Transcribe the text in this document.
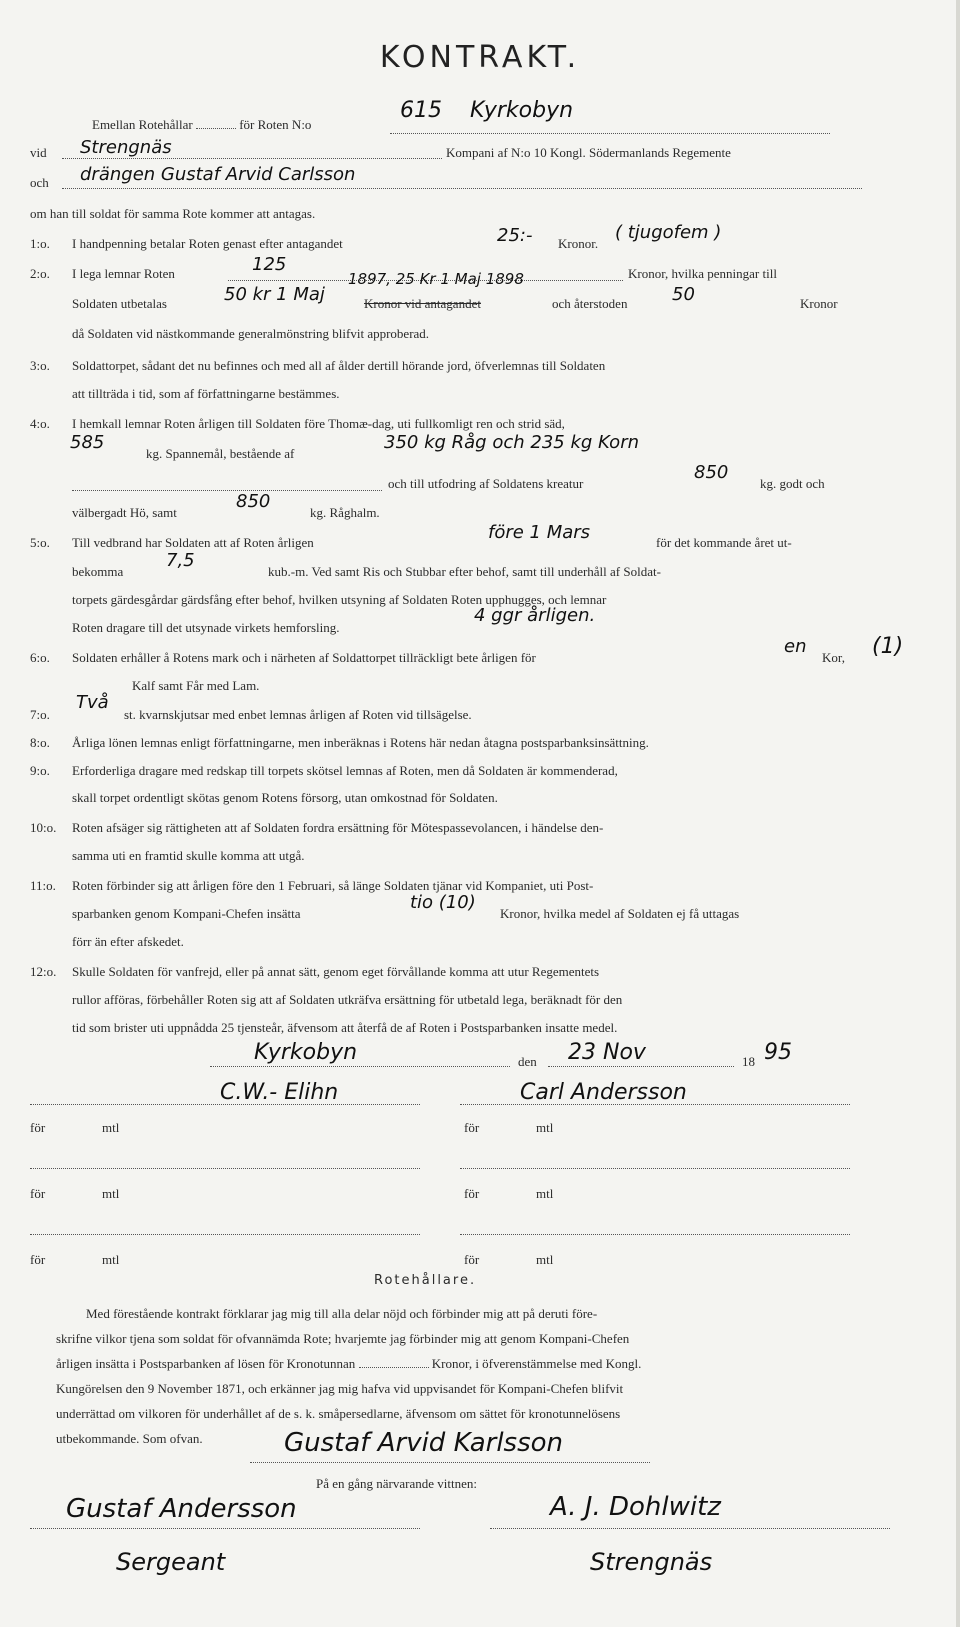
KONTRAKT.
Emellan Rotehållar	för Roten N:o
615 Kyrkobyn
vid Strengnäs	Kompani af N:o 10 Kongl. Södermanlands Regemente
och drängen Gustaf Arvid Carlsson
om han till soldat för samma Rote kommer att antagas.
1:o. I handpenning betalar Roten genast efter antagandet	25:- Kronor.
( tjugofem )
2:o. I lega lemnar Roten	125	Kronor, hvilka penningar till
Soldaten utbetalas	50 kr 1 Maj
1897, 25 Kr 1 Maj 1898
Kronor vid antagandet	och återstoden 50	Kronor
då Soldaten vid nästkommande generalmönstring blifvit approberad.
3:o. Soldattorpet, sådant det nu befinnes och med all af ålder dertill hörande jord, öfverlemnas till Soldaten
att tillträda i tid, som af författningarne bestämmes.
4:o. I hemkall lemnar Roten årligen till Soldaten före Thomæ-dag, uti fullkomligt ren och strid säd,
585
kg. Spannemål, bestående af
350 kg Råg och 235 kg Korn
och till utfodring af Soldatens kreatur
850
kg. godt och
välbergadt Hö, samt
850
kg. Råghalm.
5:o. Till vedbrand har Soldaten att af Roten årligen	före 1 Mars	för det kommande året ut-
bekomma
7,5
kub.-m. Ved samt Ris och Stubbar efter behof, samt till underhåll af Soldat-
torpets gärdesgårdar gärdsfång efter behof, hvilken utsyning af Soldaten Roten upphugges, och lemnar
Roten dragare till det utsynade virkets hemforsling.
4 ggr årligen.
6:o. Soldaten erhåller å Rotens mark och i närheten af Soldattorpet tillräckligt bete årligen för
en
Kor, (1)
Kalf samt Får med Lam.
7:o.
Två
st. kvarnskjutsar med enbet lemnas årligen af Roten vid tillsägelse.
8:o. Årliga lönen lemnas enligt författningarne, men inberäknas i Rotens här nedan åtagna postsparbanksinsättning.
9:o. Erforderliga dragare med redskap till torpets skötsel lemnas af Roten, men då Soldaten är kommenderad,
skall torpet ordentligt skötas genom Rotens försorg, utan omkostnad för Soldaten.
10:o. Roten afsäger sig rättigheten att af Soldaten fordra ersättning för Mötespassevolancen, i händelse den-
samma uti en framtid skulle komma att utgå.
11:o. Roten förbinder sig att årligen före den 1 Februari, så länge Soldaten tjänar vid Kompaniet, uti Post-
sparbanken genom Kompani-Chefen insätta
tio (10)
Kronor, hvilka medel af Soldaten ej få uttagas
förr än efter afskedet.
12:o. Skulle Soldaten för vanfrejd, eller på annat sätt, genom eget förvållande komma att utur Regementets
rullor afföras, förbehåller Roten sig att af Soldaten utkräfva ersättning för utbetald lega, beräknadt för den
tid som brister uti uppnådda 25 tjensteår, äfvensom att återfå de af Roten i Postsparbanken insatte medel.
Kyrkobyn	den 23 Nov	18 95
C.W.- Elihn	Carl Andersson
för	mtl	för	mtl
för	mtl	för	mtl
för	mtl	för	mtl
Rotehållare.
Med förestående kontrakt förklarar jag mig till alla delar nöjd och förbinder mig att på deruti före-
skrifne vilkor tjena som soldat för ofvannämda Rote; hvarjemte jag förbinder mig att genom Kompani-Chefen
årligen insätta i Postsparbanken af lösen för Kronotunnan	Kronor, i öfverenstämmelse med Kongl.
Kungörelsen den 9 November 1871, och erkänner jag mig hafva vid uppvisandet för Kompani-Chefen blifvit
underrättad om vilkoren för underhållet af de s. k. småpersedlarne, äfvensom om sättet för kronotunnelösens
utbekommande. Som ofvan.	Gustaf Arvid Karlsson
På en gång närvarande vittnen:
Gustaf Andersson
Sergeant
A. J. Dohlwitz
Strengnäs
